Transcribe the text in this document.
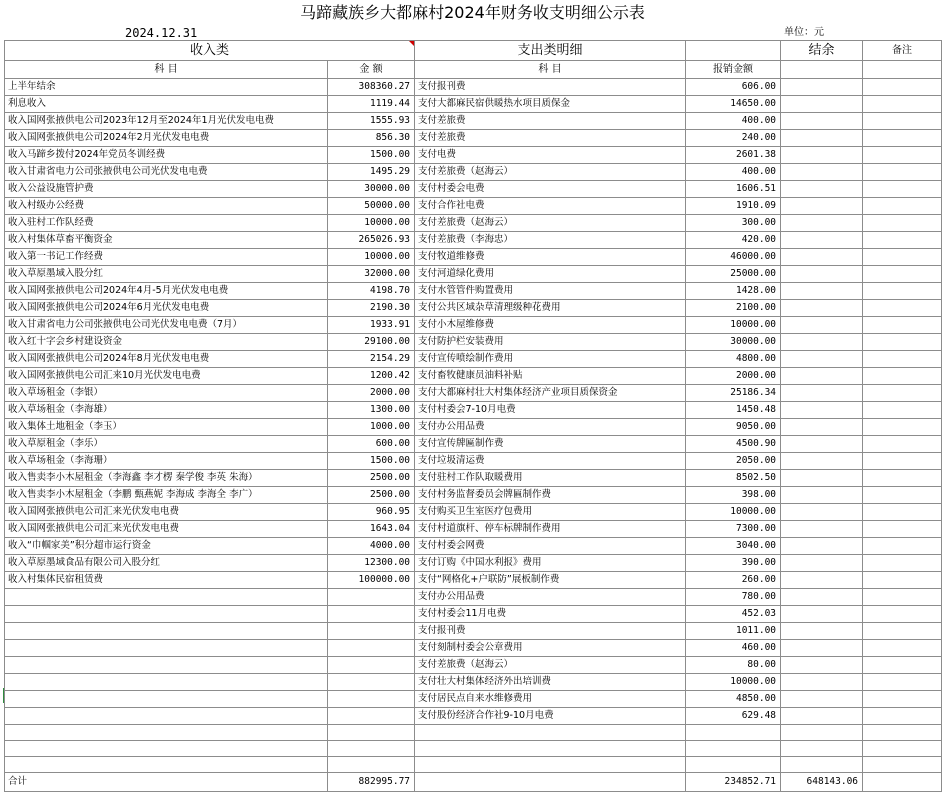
马蹄藏族乡大都麻村2024年财务收支明细公示表
2024.12.31	单位：元
收入类		支出类明细		结余	备注
科 目	金 额	科 目	报销金额		
上半年结余	308360.27	支付报刊费	606.00		
利息收入	1119.44	支付大都麻民宿供暖热水项目质保金	14650.00		
收入国网张掖供电公司2023年12月至2024年1月光伏发电电费	1555.93	支付差旅费	400.00		
收入国网张掖供电公司2024年2月光伏发电电费	856.30	支付差旅费	240.00		
收入马蹄乡拨付2024年党员冬训经费	1500.00	支付电费	2601.38		
收入甘肃省电力公司张掖供电公司光伏发电电费	1495.29	支付差旅费（赵海云）	400.00		
收入公益设施管护费	30000.00	支付村委会电费	1606.51		
收入村级办公经费	50000.00	支付合作社电费	1910.09		
收入驻村工作队经费	10000.00	支付差旅费（赵海云）	300.00		
收入村集体草畜平衡资金	265026.93	支付差旅费（李海忠）	420.00		
收入第一书记工作经费	10000.00	支付牧道维修费	46000.00		
收入草原墨域入股分红	32000.00	支付河道绿化费用	25000.00		
收入国网张掖供电公司2024年4月-5月光伏发电电费	4198.70	支付水管管件购置费用	1428.00		
收入国网张掖供电公司2024年6月光伏发电电费	2190.30	支付公共区域杂草清理级种花费用	2100.00		
收入甘肃省电力公司张掖供电公司光伏发电电费（7月）	1933.91	支付小木屋维修费	10000.00		
收入红十字会乡村建设资金	29100.00	支付防护栏安装费用	30000.00		
收入国网张掖供电公司2024年8月光伏发电电费	2154.29	支付宣传喷绘制作费用	4800.00		
收入国网张掖供电公司汇来10月光伏发电电费	1200.42	支付畜牧健康员油料补贴	2000.00		
收入草场租金（李银）	2000.00	支付大都麻村壮大村集体经济产业项目质保资金	25186.34		
收入草场租金（李海雄）	1300.00	支付村委会7-10月电费	1450.48		
收入集体土地租金（李玉）	1000.00	支付办公用品费	9050.00		
收入草原租金（李乐）	600.00	支付宣传牌匾制作费	4500.90		
收入草场租金（李海珊）	1500.00	支付垃圾清运费	2050.00		
收入售卖李小木屋租金（李海鑫 李才楞 秦学俊 李英 朱海）	2500.00	支付驻村工作队取暖费用	8502.50		
收入售卖李小木屋租金（李鹏 甄燕妮 李海成 李海全 李广）	2500.00	支付村务监督委员会牌匾制作费	398.00		
收入国网张掖供电公司汇来光伏发电电费	960.95	支付购买卫生室医疗包费用	10000.00		
收入国网张掖供电公司汇来光伏发电电费	1643.04	支付村道旗杆、停车标牌制作费用	7300.00		
收入“巾帼家美”积分超市运行资金	4000.00	支付村委会网费	3040.00		
收入草原墨域食品有限公司入股分红	12300.00	支付订购《中国水利报》费用	390.00		
收入村集体民宿租赁费	100000.00	支付“网格化+户联防”展板制作费	260.00		
		支付办公用品费	780.00		
		支付村委会11月电费	452.03		
		支付报刊费	1011.00		
		支付刻制村委会公章费用	460.00		
		支付差旅费（赵海云）	80.00		
		支付壮大村集体经济外出培训费	10000.00		
		支付居民点自来水维修费用	4850.00		
		支付股份经济合作社9-10月电费	629.48		

合计	882995.77		234852.71	648143.06	
